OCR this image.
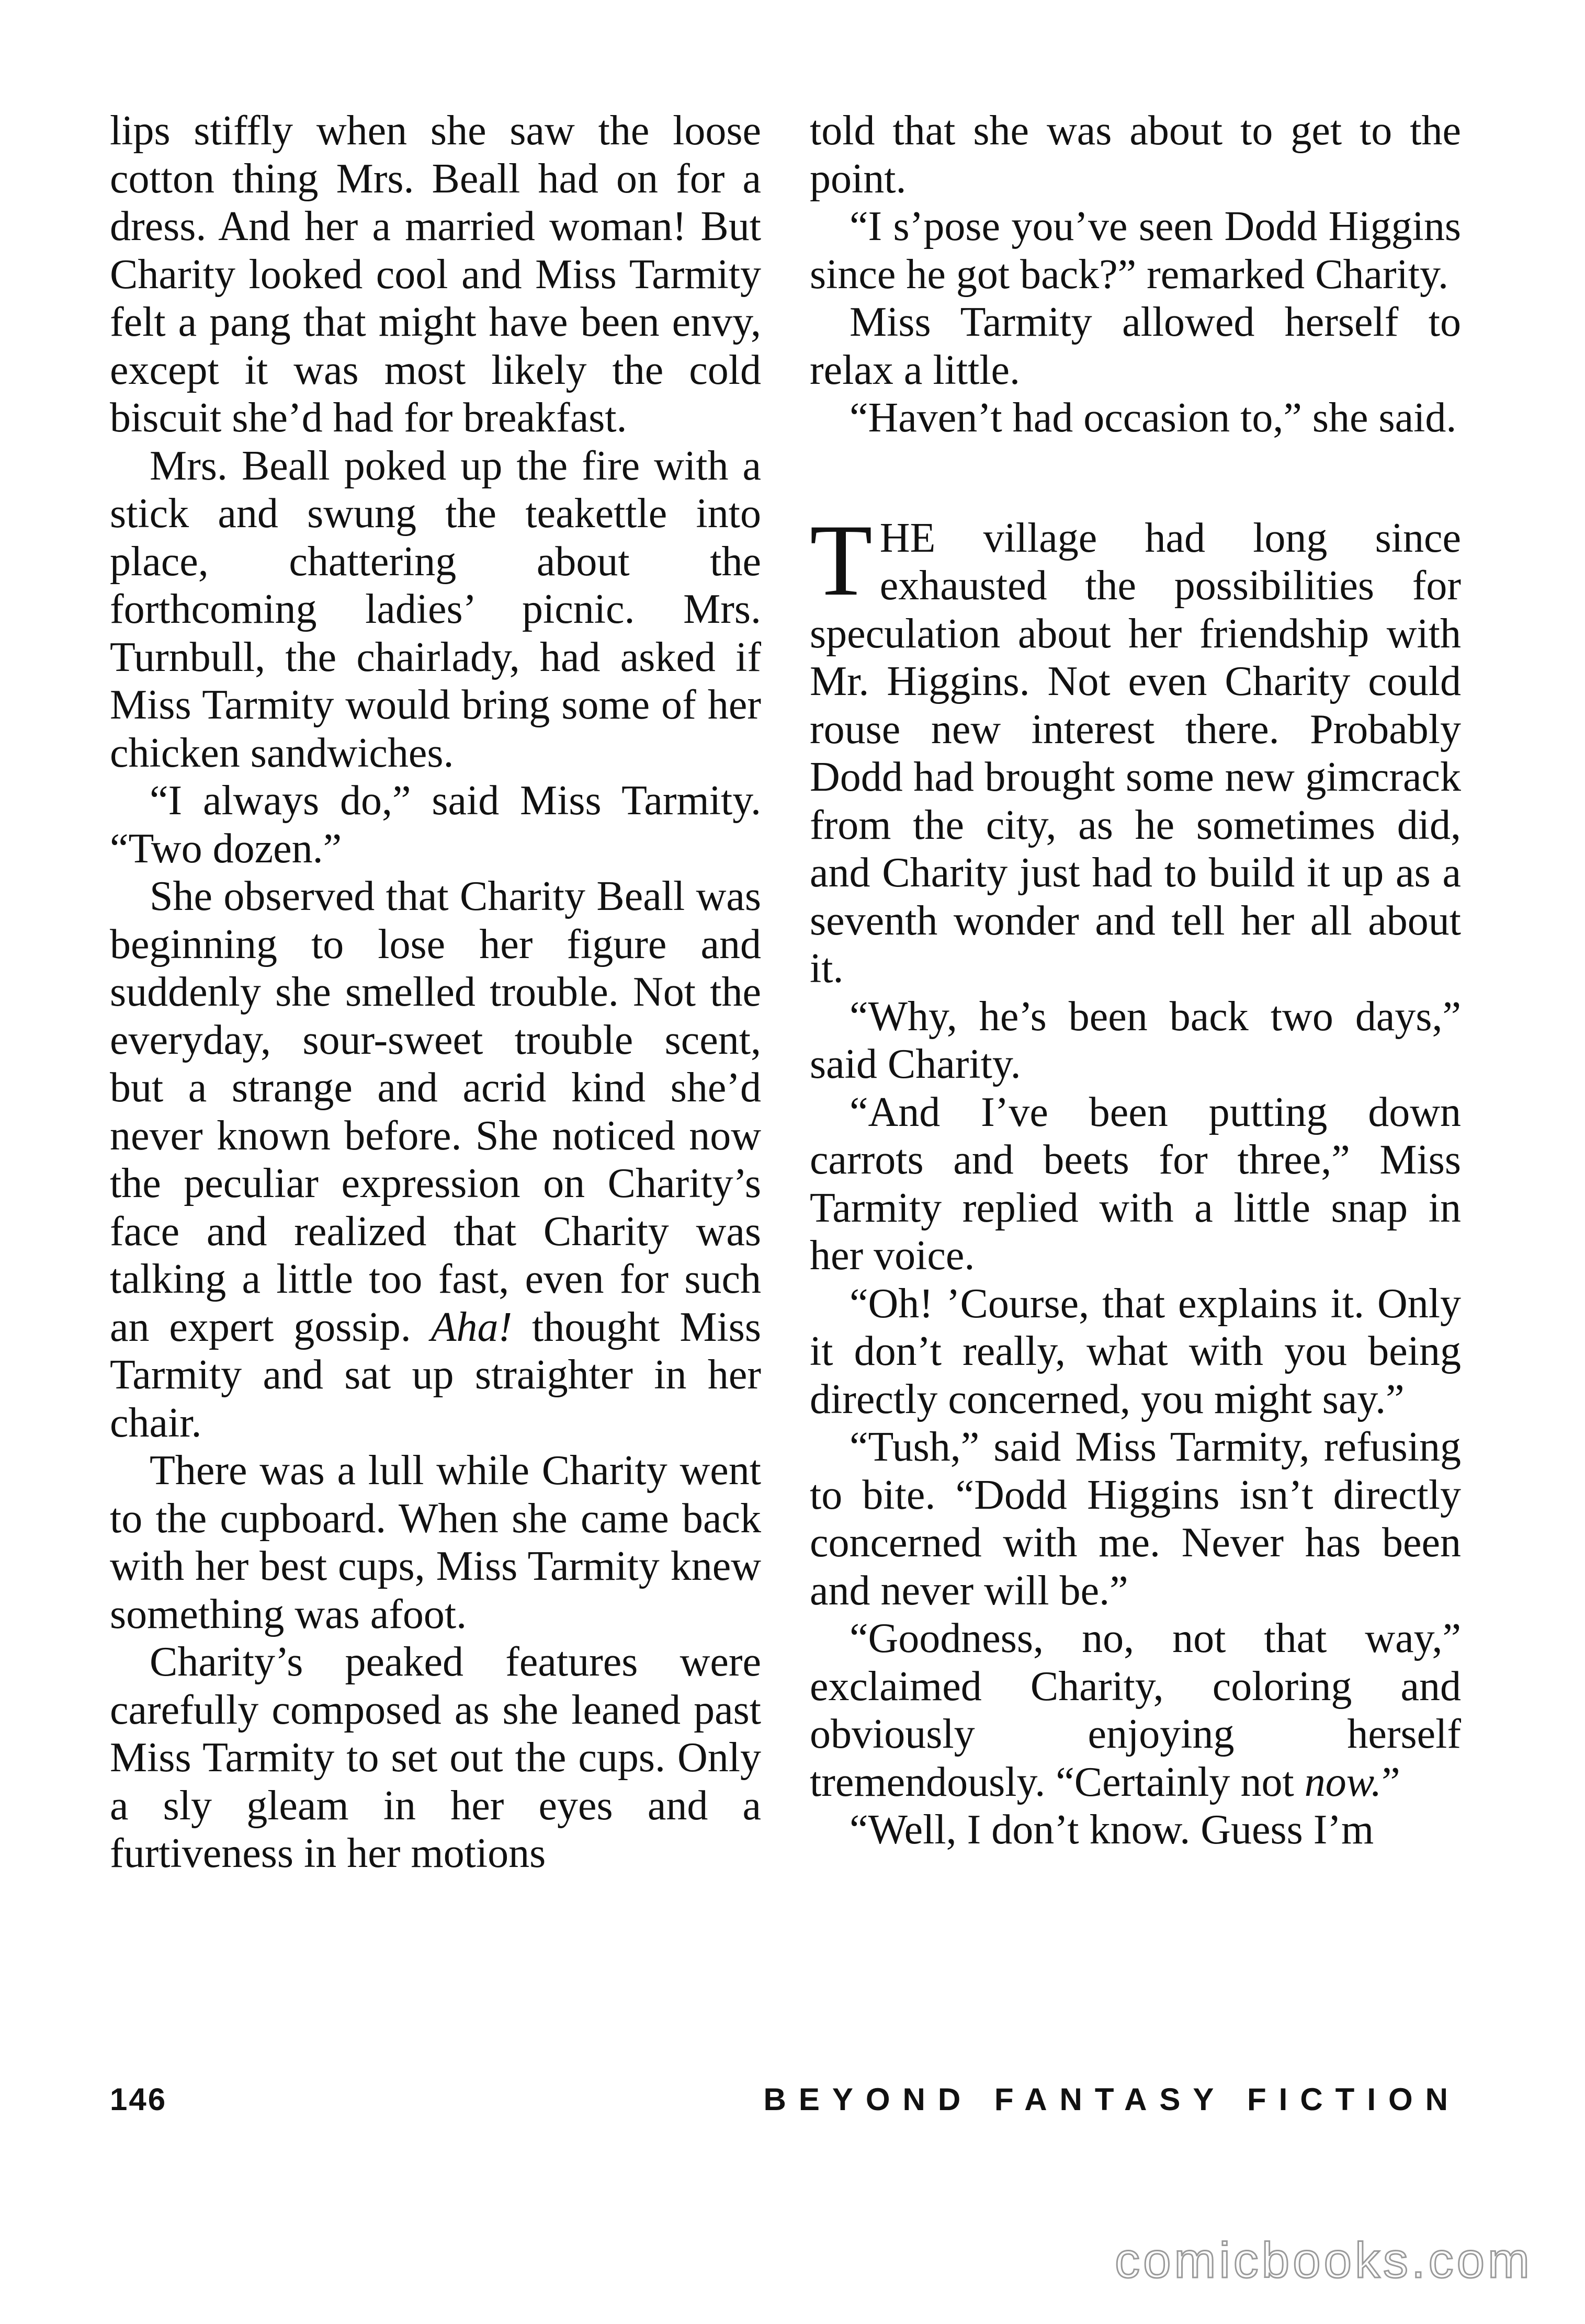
lips stiffly when she saw the loose cotton thing Mrs. Beall had on for a dress. And her a married woman! But Charity looked cool and Miss Tarmity felt a pang that might have been envy, except it was most likely the cold biscuit she’d had for breakfast.

Mrs. Beall poked up the fire with a stick and swung the teakettle into place, chattering about the forthcoming ladies’ picnic. Mrs. Turnbull, the chairlady, had asked if Miss Tarmity would bring some of her chicken sandwiches.

“I always do,” said Miss Tarmity. “Two dozen.”

She observed that Charity Beall was beginning to lose her figure and suddenly she smelled trouble. Not the everyday, sour-sweet trouble scent, but a strange and acrid kind she’d never known before. She noticed now the peculiar expression on Charity’s face and realized that Charity was talking a little too fast, even for such an expert gossip. Aha! thought Miss Tarmity and sat up straighter in her chair.

There was a lull while Charity went to the cupboard. When she came back with her best cups, Miss Tarmity knew something was afoot.

Charity’s peaked features were carefully composed as she leaned past Miss Tarmity to set out the cups. Only a sly gleam in her eyes and a furtiveness in her motions

told that she was about to get to the point.

“I s’pose you’ve seen Dodd Higgins since he got back?” remarked Charity.

Miss Tarmity allowed herself to relax a little.

“Haven’t had occasion to,” she said.

THE village had long since exhausted the possibilities for speculation about her friendship with Mr. Higgins. Not even Charity could rouse new interest there. Probably Dodd had brought some new gimcrack from the city, as he sometimes did, and Charity just had to build it up as a seventh wonder and tell her all about it.

“Why, he’s been back two days,” said Charity.

“And I’ve been putting down carrots and beets for three,” Miss Tarmity replied with a little snap in her voice.

“Oh! ’Course, that explains it. Only it don’t really, what with you being directly concerned, you might say.”

“Tush,” said Miss Tarmity, refusing to bite. “Dodd Higgins isn’t directly concerned with me. Never has been and never will be.”

“Goodness, no, not that way,” exclaimed Charity, coloring and obviously enjoying herself tremendously. “Certainly not now.”

“Well, I don’t know. Guess I’m

146	BEYOND FANTASY FICTION
comicbooks.com
